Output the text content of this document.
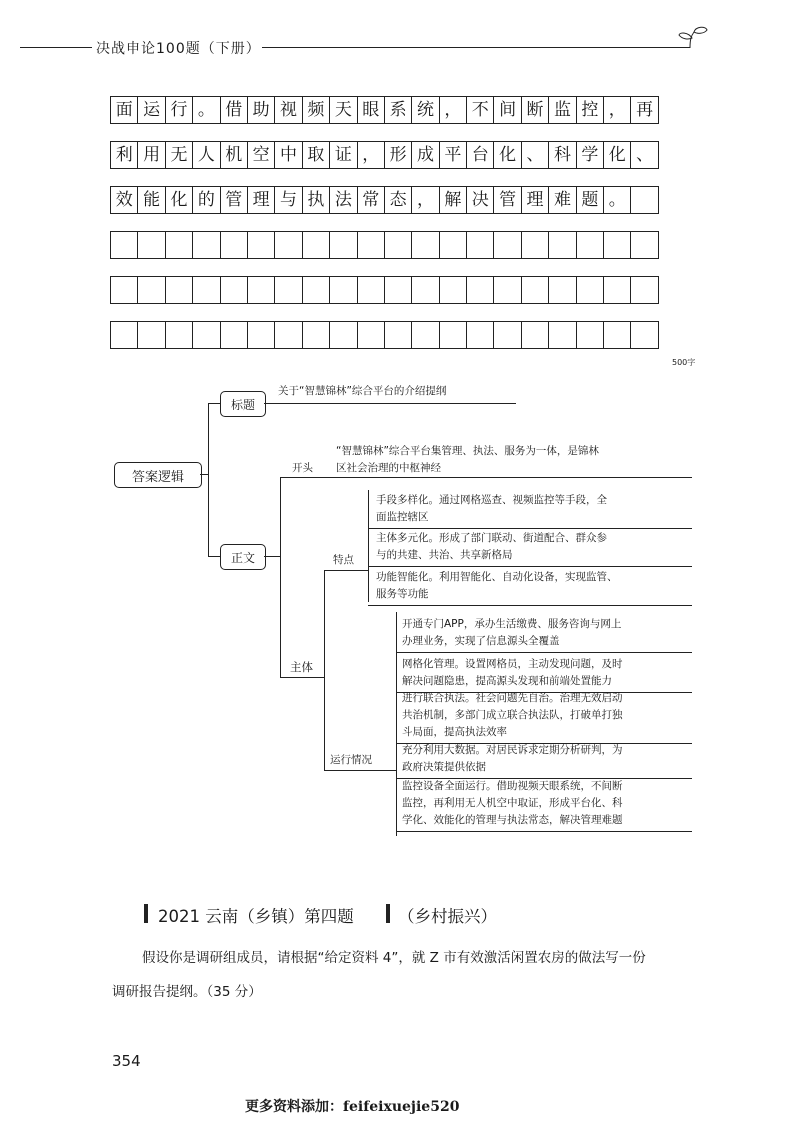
决战申论100题（下册）
面 运 行 。 借 助 视 频 天 眼 系 统 ， 不 间 断 监 控 ， 再
利 用 无 人 机 空 中 取 证 ， 形 成 平 台 化 、 科 学 化 、
效 能 化 的 管 理 与 执 法 常 态 ， 解 决 管 理 难 题 。
500字
答案逻辑
标题
关于“智慧锦林”综合平台的介绍提纲
正文
开头
“智慧锦林”综合平台集管理、执法、服务为一体，是锦林
区社会治理的中枢神经
主体
特点
手段多样化。通过网格巡查、视频监控等手段，全
面监控辖区
主体多元化。形成了部门联动、街道配合、群众参
与的共建、共治、共享新格局
功能智能化。利用智能化、自动化设备，实现监管、
服务等功能
运行情况
开通专门APP，承办生活缴费、服务咨询与网上
办理业务，实现了信息源头全覆盖
网格化管理。设置网格员，主动发现问题，及时
解决问题隐患，提高源头发现和前端处置能力
进行联合执法。社会问题先自治。治理无效启动
共治机制，多部门成立联合执法队，打破单打独
斗局面，提高执法效率
充分利用大数据。对居民诉求定期分析研判，为
政府决策提供依据
监控设备全面运行。借助视频天眼系统，不间断
监控，再利用无人机空中取证，形成平台化、科
学化、效能化的管理与执法常态，解决管理难题
2021 云南（乡镇）第四题	（乡村振兴）
假设你是调研组成员，请根据“给定资料 4”，就 Z 市有效激活闲置农房的做法写一份
调研报告提纲。（35 分）
354
更多资料添加：feifeixuejie520
